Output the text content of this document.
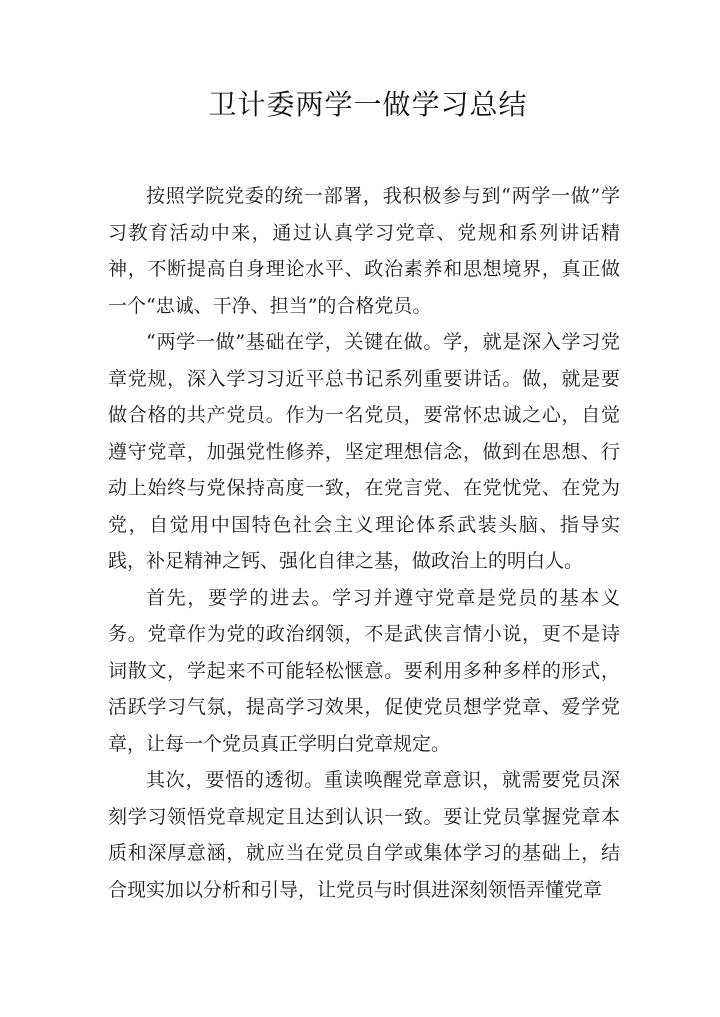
卫计委两学一做学习总结

按照学院党委的统一部署，我积极参与到“两学一做”学习教育活动中来，通过认真学习党章、党规和系列讲话精神，不断提高自身理论水平、政治素养和思想境界，真正做一个“忠诚、干净、担当”的合格党员。

“两学一做”基础在学，关键在做。学，就是深入学习党章党规，深入学习习近平总书记系列重要讲话。做，就是要做合格的共产党员。作为一名党员，要常怀忠诚之心，自觉遵守党章，加强党性修养，坚定理想信念，做到在思想、行动上始终与党保持高度一致，在党言党、在党忧党、在党为党，自觉用中国特色社会主义理论体系武装头脑、指导实践，补足精神之钙、强化自律之基，做政治上的明白人。

首先，要学的进去。学习并遵守党章是党员的基本义务。党章作为党的政治纲领，不是武侠言情小说，更不是诗词散文，学起来不可能轻松惬意。要利用多种多样的形式，活跃学习气氛，提高学习效果，促使党员想学党章、爱学党章，让每一个党员真正学明白党章规定。

其次，要悟的透彻。重读唤醒党章意识，就需要党员深刻学习领悟党章规定且达到认识一致。要让党员掌握党章本质和深厚意涵，就应当在党员自学或集体学习的基础上，结合现实加以分析和引导，让党员与时俱进深刻领悟弄懂党章
